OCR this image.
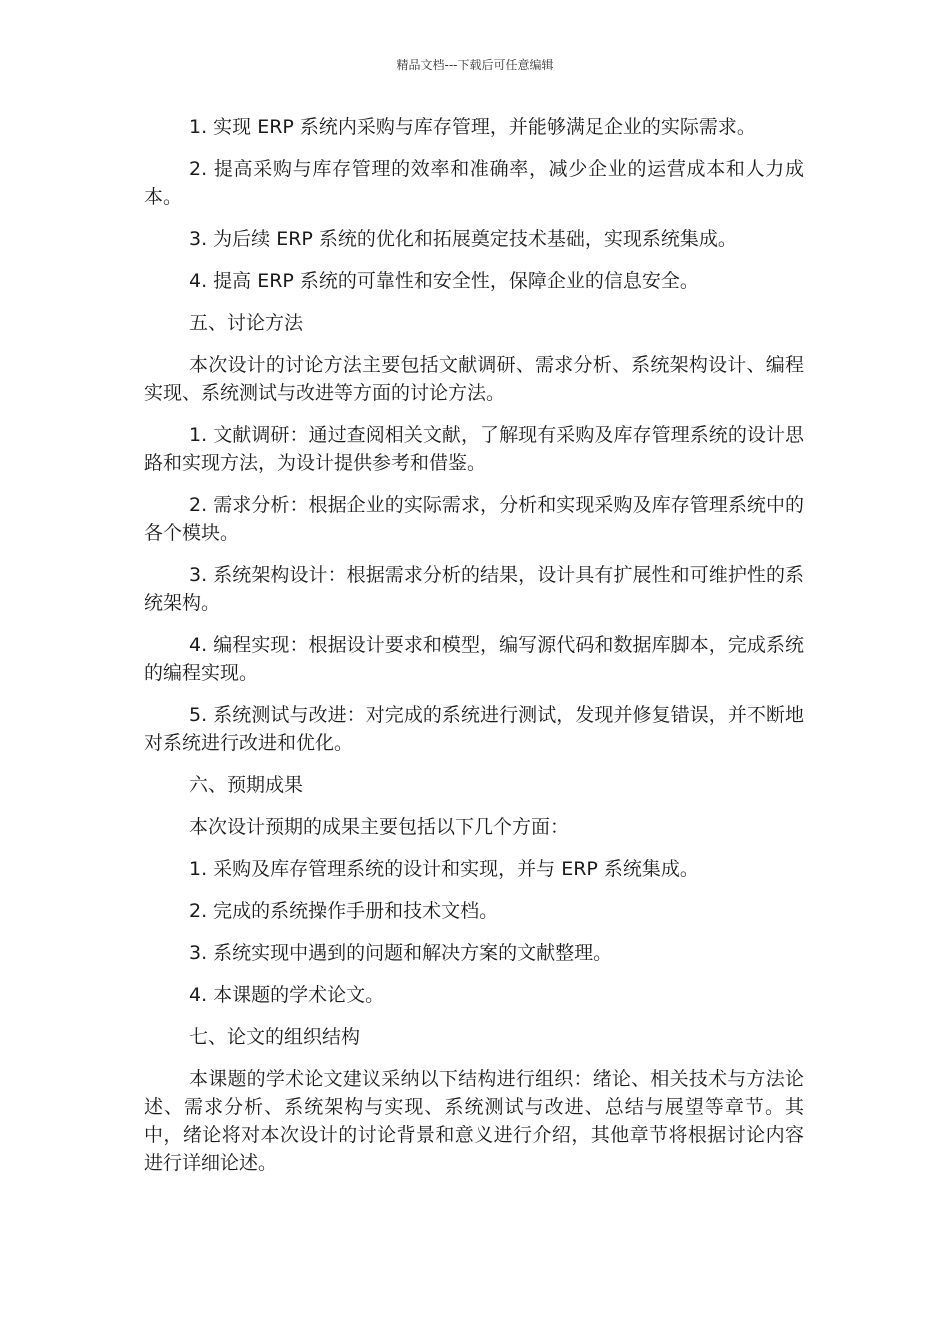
精品文档---下载后可任意编辑

1. 实现 ERP 系统内采购与库存管理，并能够满足企业的实际需求。

2. 提高采购与库存管理的效率和准确率，减少企业的运营成本和人力成本。

3. 为后续 ERP 系统的优化和拓展奠定技术基础，实现系统集成。

4. 提高 ERP 系统的可靠性和安全性，保障企业的信息安全。

五、讨论方法

本次设计的讨论方法主要包括文献调研、需求分析、系统架构设计、编程实现、系统测试与改进等方面的讨论方法。

1. 文献调研：通过查阅相关文献，了解现有采购及库存管理系统的设计思路和实现方法，为设计提供参考和借鉴。

2. 需求分析：根据企业的实际需求，分析和实现采购及库存管理系统中的各个模块。

3. 系统架构设计：根据需求分析的结果，设计具有扩展性和可维护性的系统架构。

4. 编程实现：根据设计要求和模型，编写源代码和数据库脚本，完成系统的编程实现。

5. 系统测试与改进：对完成的系统进行测试，发现并修复错误，并不断地对系统进行改进和优化。

六、预期成果

本次设计预期的成果主要包括以下几个方面：

1. 采购及库存管理系统的设计和实现，并与 ERP 系统集成。

2. 完成的系统操作手册和技术文档。

3. 系统实现中遇到的问题和解决方案的文献整理。

4. 本课题的学术论文。

七、论文的组织结构

本课题的学术论文建议采纳以下结构进行组织：绪论、相关技术与方法论述、需求分析、系统架构与实现、系统测试与改进、总结与展望等章节。其中，绪论将对本次设计的讨论背景和意义进行介绍，其他章节将根据讨论内容进行详细论述。
